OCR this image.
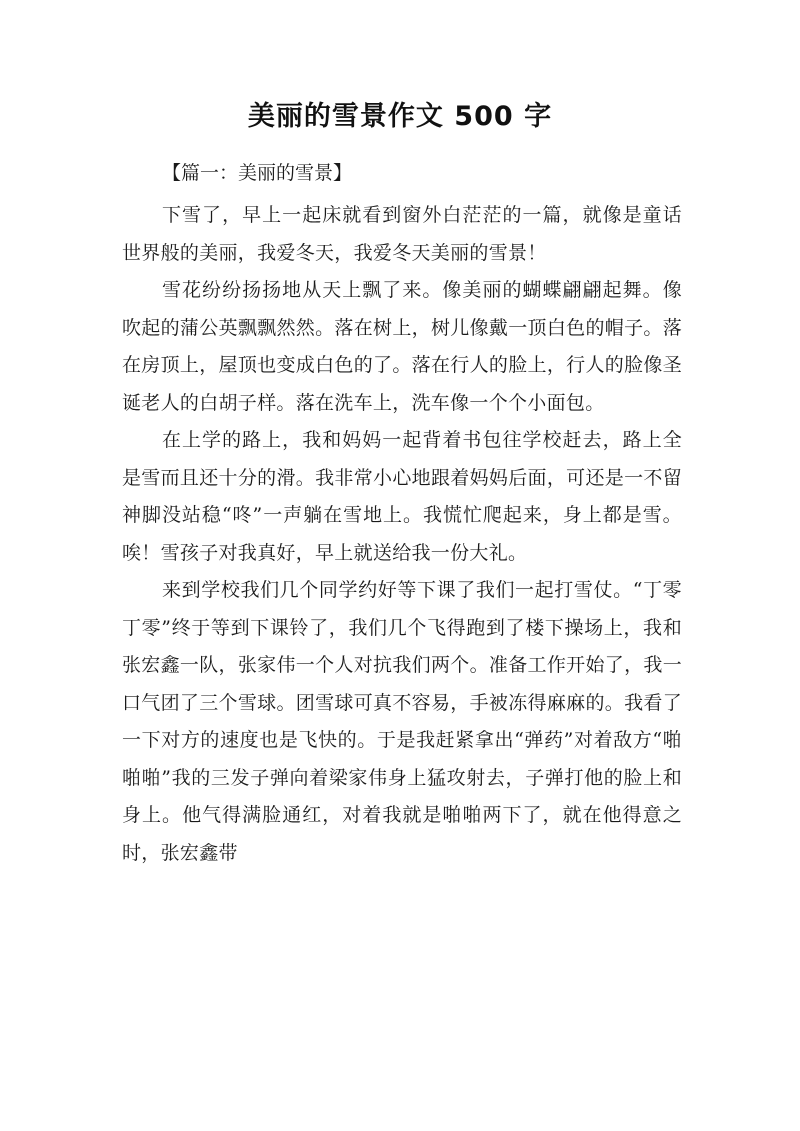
美丽的雪景作文 500 字
【篇一：美丽的雪景】

下雪了，早上一起床就看到窗外白茫茫的一篇，就像是童话世界般的美丽，我爱冬天，我爱冬天美丽的雪景！

雪花纷纷扬扬地从天上飘了来。像美丽的蝴蝶翩翩起舞。像吹起的蒲公英飘飘然然。落在树上，树儿像戴一顶白色的帽子。落在房顶上，屋顶也变成白色的了。落在行人的脸上，行人的脸像圣诞老人的白胡子样。落在洗车上，洗车像一个个小面包。

在上学的路上，我和妈妈一起背着书包往学校赶去，路上全是雪而且还十分的滑。我非常小心地跟着妈妈后面，可还是一不留神脚没站稳“咚”一声躺在雪地上。我慌忙爬起来，身上都是雪。唉！雪孩子对我真好，早上就送给我一份大礼。

来到学校我们几个同学约好等下课了我们一起打雪仗。“丁零丁零”终于等到下课铃了，我们几个飞得跑到了楼下操场上，我和张宏鑫一队，张家伟一个人对抗我们两个。准备工作开始了，我一口气团了三个雪球。团雪球可真不容易，手被冻得麻麻的。我看了一下对方的速度也是飞快的。于是我赶紧拿出“弹药”对着敌方“啪啪啪”我的三发子弹向着梁家伟身上猛攻射去，子弹打他的脸上和身上。他气得满脸通红，对着我就是啪啪两下了，就在他得意之时，张宏鑫带
